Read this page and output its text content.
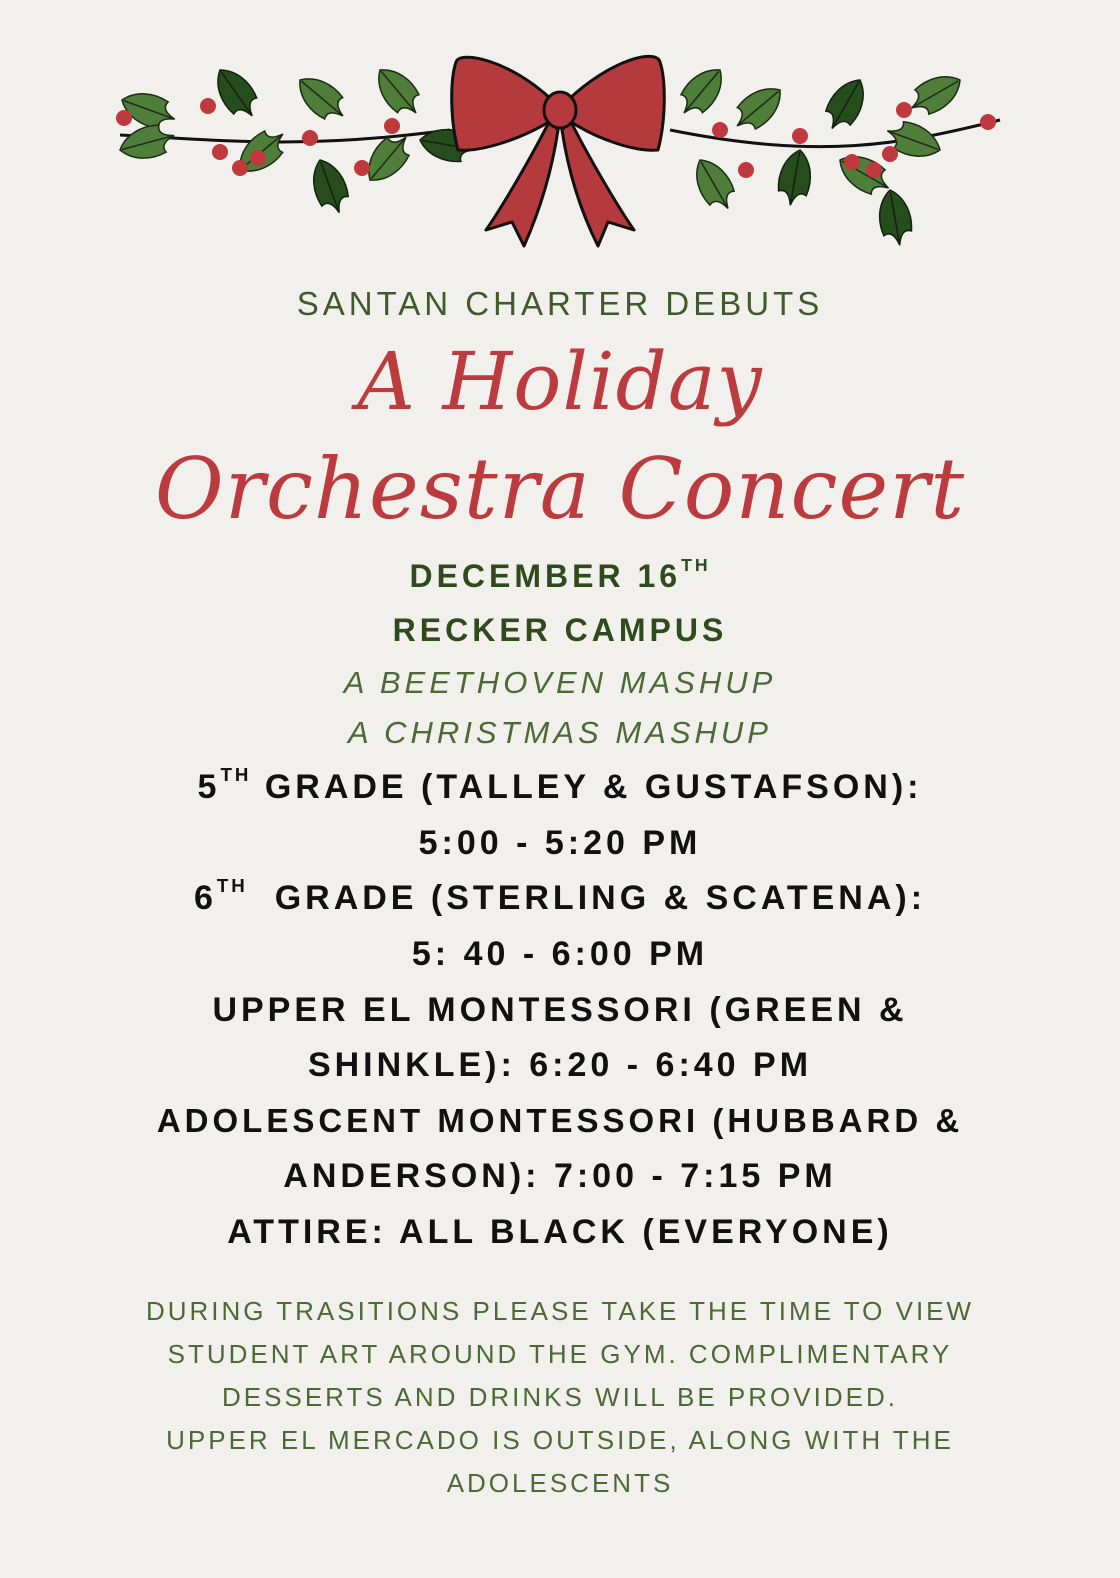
SANTAN CHARTER DEBUTS
A Holiday
Orchestra Concert
DECEMBER 16TH
RECKER CAMPUS
A BEETHOVEN MASHUP
A CHRISTMAS MASHUP
5TH GRADE (TALLEY & GUSTAFSON):
5:00 - 5:20 PM
6TH  GRADE (STERLING & SCATENA):
5: 40 - 6:00 PM
UPPER EL MONTESSORI (GREEN &
SHINKLE): 6:20 - 6:40 PM
ADOLESCENT MONTESSORI (HUBBARD &
ANDERSON): 7:00 - 7:15 PM
ATTIRE: ALL BLACK (EVERYONE)
DURING TRASITIONS PLEASE TAKE THE TIME TO VIEW
STUDENT ART AROUND THE GYM. COMPLIMENTARY
DESSERTS AND DRINKS WILL BE PROVIDED.
UPPER EL MERCADO IS OUTSIDE, ALONG WITH THE
ADOLESCENTS
